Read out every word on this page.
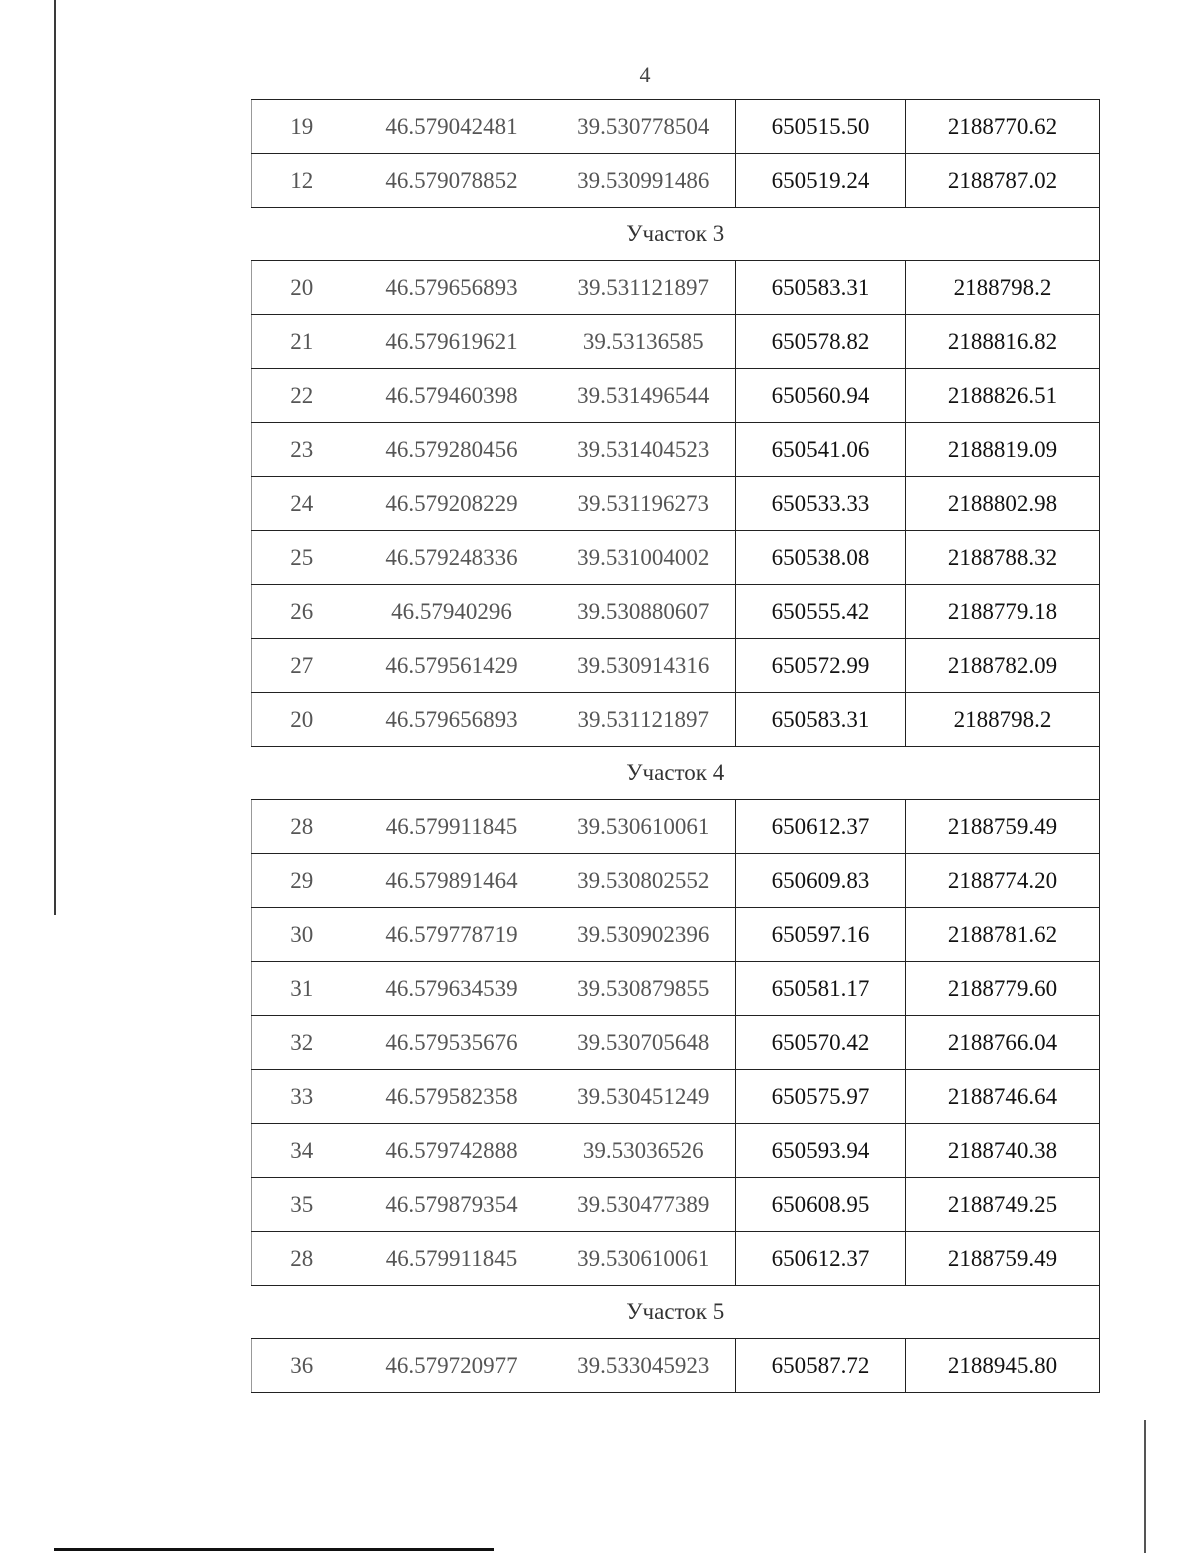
4
19	46.579042481	39.530778504	650515.50	2188770.62
12	46.579078852	39.530991486	650519.24	2188787.02
Участок 3				
20	46.579656893	39.531121897	650583.31	2188798.2
21	46.579619621	39.53136585	650578.82	2188816.82
22	46.579460398	39.531496544	650560.94	2188826.51
23	46.579280456	39.531404523	650541.06	2188819.09
24	46.579208229	39.531196273	650533.33	2188802.98
25	46.579248336	39.531004002	650538.08	2188788.32
26	46.57940296	39.530880607	650555.42	2188779.18
27	46.579561429	39.530914316	650572.99	2188782.09
20	46.579656893	39.531121897	650583.31	2188798.2
Участок 4				
28	46.579911845	39.530610061	650612.37	2188759.49
29	46.579891464	39.530802552	650609.83	2188774.20
30	46.579778719	39.530902396	650597.16	2188781.62
31	46.579634539	39.530879855	650581.17	2188779.60
32	46.579535676	39.530705648	650570.42	2188766.04
33	46.579582358	39.530451249	650575.97	2188746.64
34	46.579742888	39.53036526	650593.94	2188740.38
35	46.579879354	39.530477389	650608.95	2188749.25
28	46.579911845	39.530610061	650612.37	2188759.49
Участок 5				
36	46.579720977	39.533045923	650587.72	2188945.80
